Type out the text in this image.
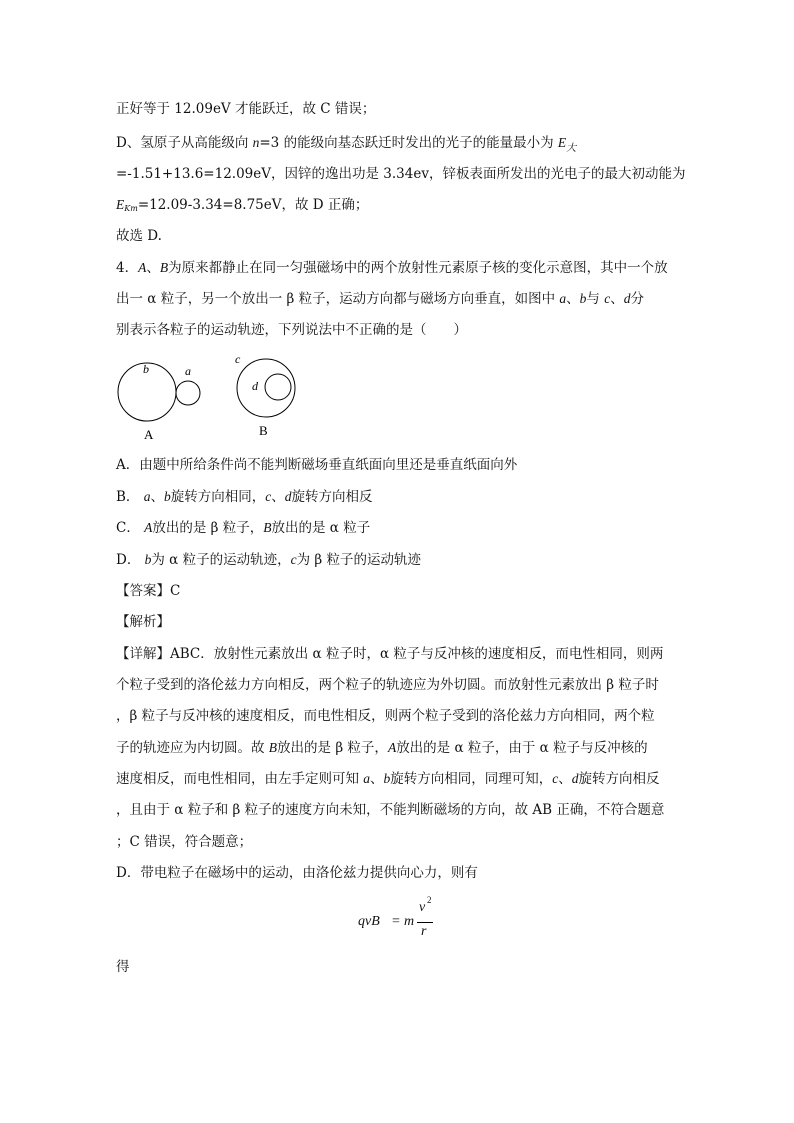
正好等于 12.09eV 才能跃迁，故 C 错误；
D、氢原子从高能级向 n=3 的能级向基态跃迁时发出的光子的能量最小为 $E_大$
=-1.51+13.6=12.09eV，因锌的逸出功是 3.34ev，锌板表面所发出的光电子的最大初动能为
$E_{Km}=12.09-3.34=8.75eV$，故 D 正确；
故选 D.
4．A、B为原来都静止在同一匀强磁场中的两个放射性元素原子核的变化示意图，其中一个放
出一 α 粒子，另一个放出一 β 粒子，运动方向都与磁场方向垂直，如图中 a、b与 c、d分
别表示各粒子的运动轨迹，下列说法中不正确的是（　　）
b	a
c
d
A	B
A．由题中所给条件尚不能判断磁场垂直纸面向里还是垂直纸面向外
B． a、b旋转方向相同，c、d旋转方向相反
C． A放出的是 β 粒子，B放出的是 α 粒子
D． b为 α 粒子的运动轨迹，c为 β 粒子的运动轨迹
【答案】C
【解析】
【详解】ABC．放射性元素放出 α 粒子时，α 粒子与反冲核的速度相反，而电性相同，则两
个粒子受到的洛伦兹力方向相反，两个粒子的轨迹应为外切圆。而放射性元素放出 β 粒子时
，β 粒子与反冲核的速度相反，而电性相反，则两个粒子受到的洛伦兹力方向相同，两个粒
子的轨迹应为内切圆。故 B放出的是 β 粒子，A放出的是 α 粒子，由于 α 粒子与反冲核的
速度相反，而电性相同，由左手定则可知 a、b旋转方向相同，同理可知，c、d旋转方向相反
，且由于 α 粒子和 β 粒子的速度方向未知，不能判断磁场的方向，故 AB 正确，不符合题意
；C 错误，符合题意；
D．带电粒子在磁场中的运动，由洛伦兹力提供向心力，则有
qvB = m
v 2
r
得
